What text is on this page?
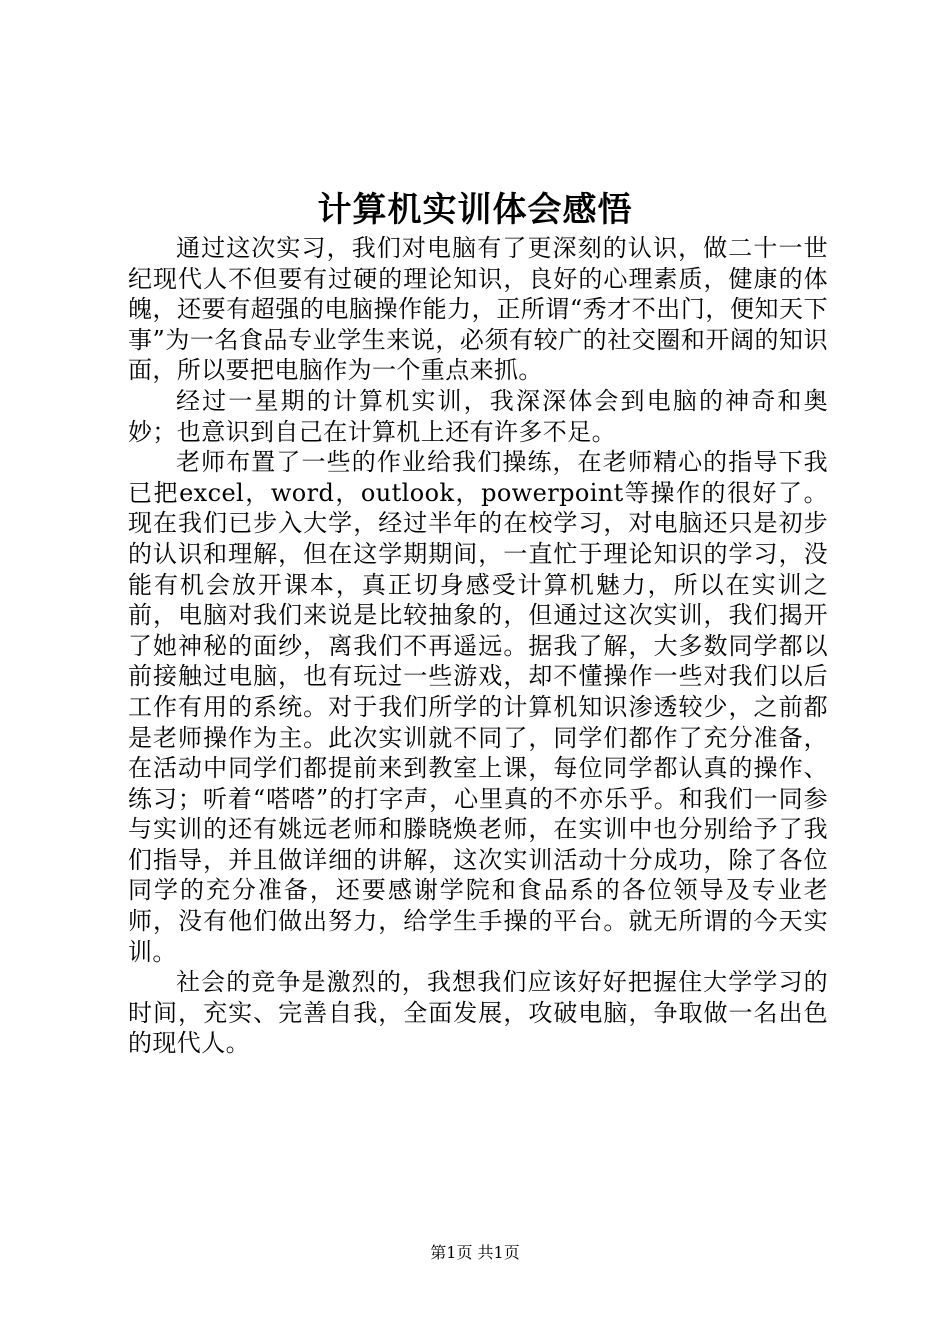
计算机实训体会感悟

通过这次实习，我们对电脑有了更深刻的认识，做二十一世纪现代人不但要有过硬的理论知识，良好的心理素质，健康的体魄，还要有超强的电脑操作能力，正所谓“秀才不出门，便知天下事”为一名食品专业学生来说，必须有较广的社交圈和开阔的知识面，所以要把电脑作为一个重点来抓。

经过一星期的计算机实训，我深深体会到电脑的神奇和奥妙；也意识到自己在计算机上还有许多不足。

老师布置了一些的作业给我们操练，在老师精心的指导下我已把excel，word，outlook，powerpoint等操作的很好了。现在我们已步入大学，经过半年的在校学习，对电脑还只是初步的认识和理解，但在这学期期间，一直忙于理论知识的学习，没能有机会放开课本，真正切身感受计算机魅力，所以在实训之前，电脑对我们来说是比较抽象的，但通过这次实训，我们揭开了她神秘的面纱，离我们不再遥远。据我了解，大多数同学都以前接触过电脑，也有玩过一些游戏，却不懂操作一些对我们以后工作有用的系统。对于我们所学的计算机知识渗透较少，之前都是老师操作为主。此次实训就不同了，同学们都作了充分准备，在活动中同学们都提前来到教室上课，每位同学都认真的操作、练习；听着“嗒嗒”的打字声，心里真的不亦乐乎。和我们一同参与实训的还有姚远老师和滕晓焕老师，在实训中也分别给予了我们指导，并且做详细的讲解，这次实训活动十分成功，除了各位同学的充分准备，还要感谢学院和食品系的各位领导及专业老师，没有他们做出努力，给学生手操的平台。就无所谓的今天实训。

社会的竞争是激烈的，我想我们应该好好把握住大学学习的时间，充实、完善自我，全面发展，攻破电脑，争取做一名出色的现代人。

第1页 共1页
